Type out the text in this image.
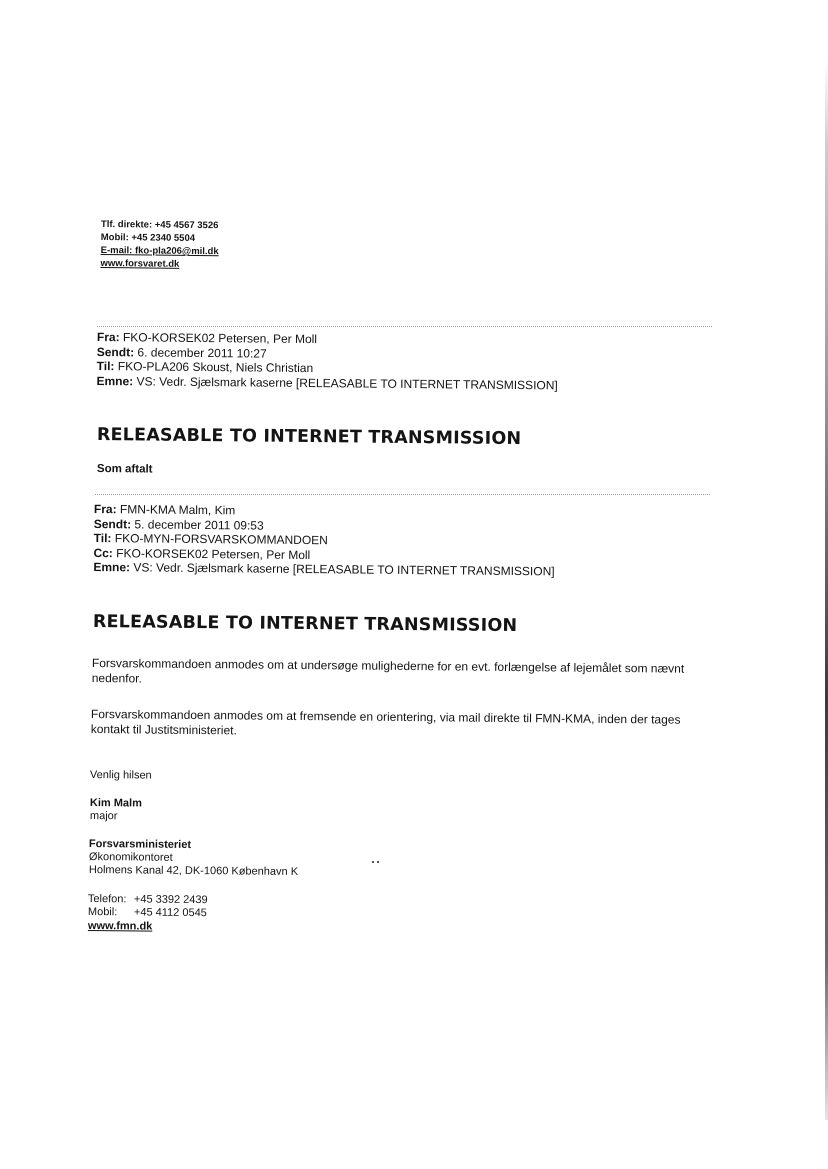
Tlf. direkte: +45 4567 3526
Mobil: +45 2340 5504
E-mail: fko-pla206@mil.dk
www.forsvaret.dk
Fra: FKO-KORSEK02 Petersen, Per Moll
Sendt: 6. december 2011 10:27
Til: FKO-PLA206 Skoust, Niels Christian
Emne: VS: Vedr. Sjælsmark kaserne [RELEASABLE TO INTERNET TRANSMISSION]
RELEASABLE TO INTERNET TRANSMISSION
Som aftalt
Fra: FMN-KMA Malm, Kim
Sendt: 5. december 2011 09:53
Til: FKO-MYN-FORSVARSKOMMANDOEN
Cc: FKO-KORSEK02 Petersen, Per Moll
Emne: VS: Vedr. Sjælsmark kaserne [RELEASABLE TO INTERNET TRANSMISSION]
RELEASABLE TO INTERNET TRANSMISSION
Forsvarskommandoen anmodes om at undersøge mulighederne for en evt. forlængelse af lejemålet som nævnt nedenfor.
Forsvarskommandoen anmodes om at fremsende en orientering, via mail direkte til FMN-KMA, inden der tages kontakt til Justitsministeriet.
Venlig hilsen
Kim Malm
major
Forsvarsministeriet
Økonomikontoret
Holmens Kanal 42, DK-1060 København K
Telefon: +45 3392 2439
Mobil: +45 4112 0545
www.fmn.dk
